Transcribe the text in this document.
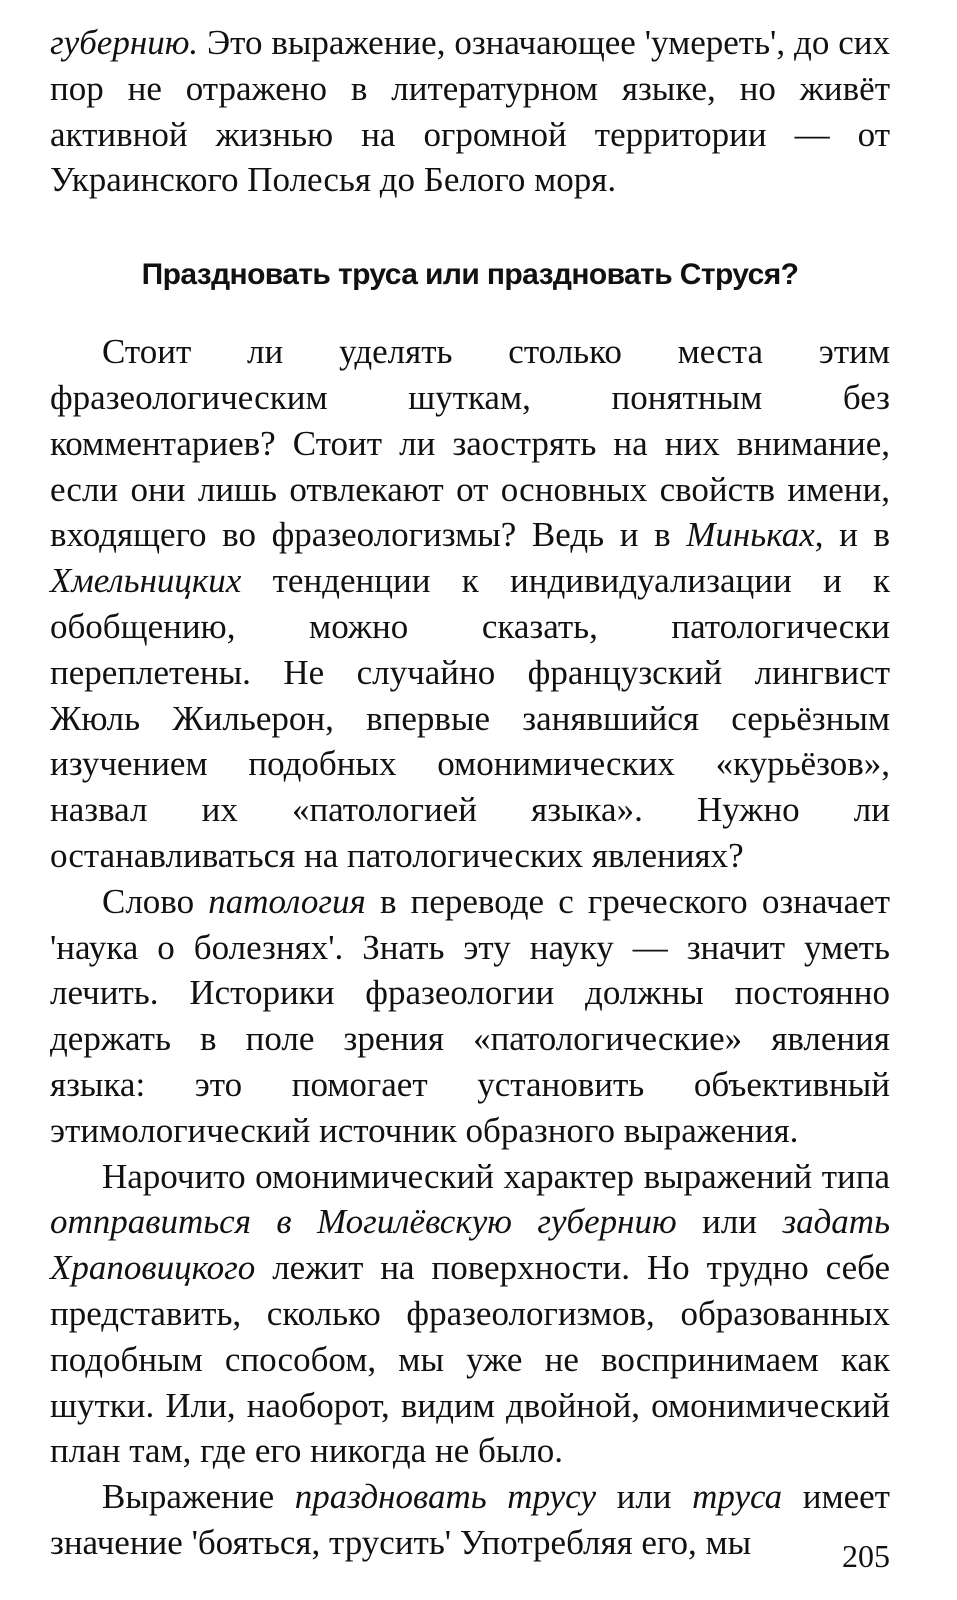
губернию. Это выражение, означающее 'умереть', до сих пор не отражено в литературном языке, но живёт активной жизнью на огромной территории — от Украинского Полесья до Белого моря.

Праздновать труса или праздновать Струся?

Стоит ли уделять столько места этим фразеологическим шуткам, понятным без комментариев? Стоит ли заострять на них внимание, если они лишь отвлекают от основных свойств имени, входящего во фразеологизмы? Ведь и в Миньках, и в Хмельницких тенденции к индивидуализации и к обобщению, можно сказать, патологически переплетены. Не случайно французский лингвист Жюль Жильерон, впервые занявшийся серьёзным изучением подобных омонимических «курьёзов», назвал их «патологией языка». Нужно ли останавливаться на патологических явлениях?

Слово патология в переводе с греческого означает 'наука о болезнях'. Знать эту науку — значит уметь лечить. Историки фразеологии должны постоянно держать в поле зрения «патологические» явления языка: это помогает установить объективный этимологический источник образного выражения.

Нарочито омонимический характер выражений типа отправиться в Могилёвскую губернию или задать Храповицкого лежит на поверхности. Но трудно себе представить, сколько фразеологизмов, образованных подобным способом, мы уже не воспринимаем как шутки. Или, наоборот, видим двойной, омонимический план там, где его никогда не было.

Выражение праздновать трусу или труса имеет значение 'бояться, трусить' Употребляя его, мы	205
